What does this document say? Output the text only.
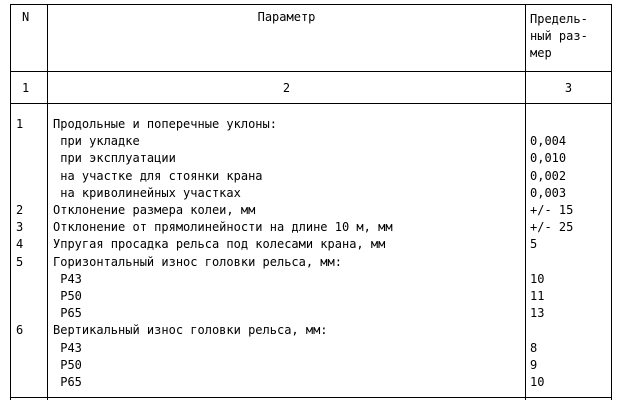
N	Параметр	Предель-
ный раз-
мер
1	2	3
1 Продольные и поперечные уклоны:
при укладке	0,004
при эксплуатации	0,010
на участке для стоянки крана	0,002
на криволинейных участках	0,003
2 Отклонение размера колеи, мм	+/- 15
3 Отклонение от прямолинейности на длине 10 м, мм	+/- 25
4 Упругая просадка рельса под колесами крана, мм	5
5 Горизонтальный износ головки рельса, мм:
Р43	10
Р50	11
Р65	13
6 Вертикальный износ головки рельса, мм:
Р43	8
Р50	9
Р65	10
